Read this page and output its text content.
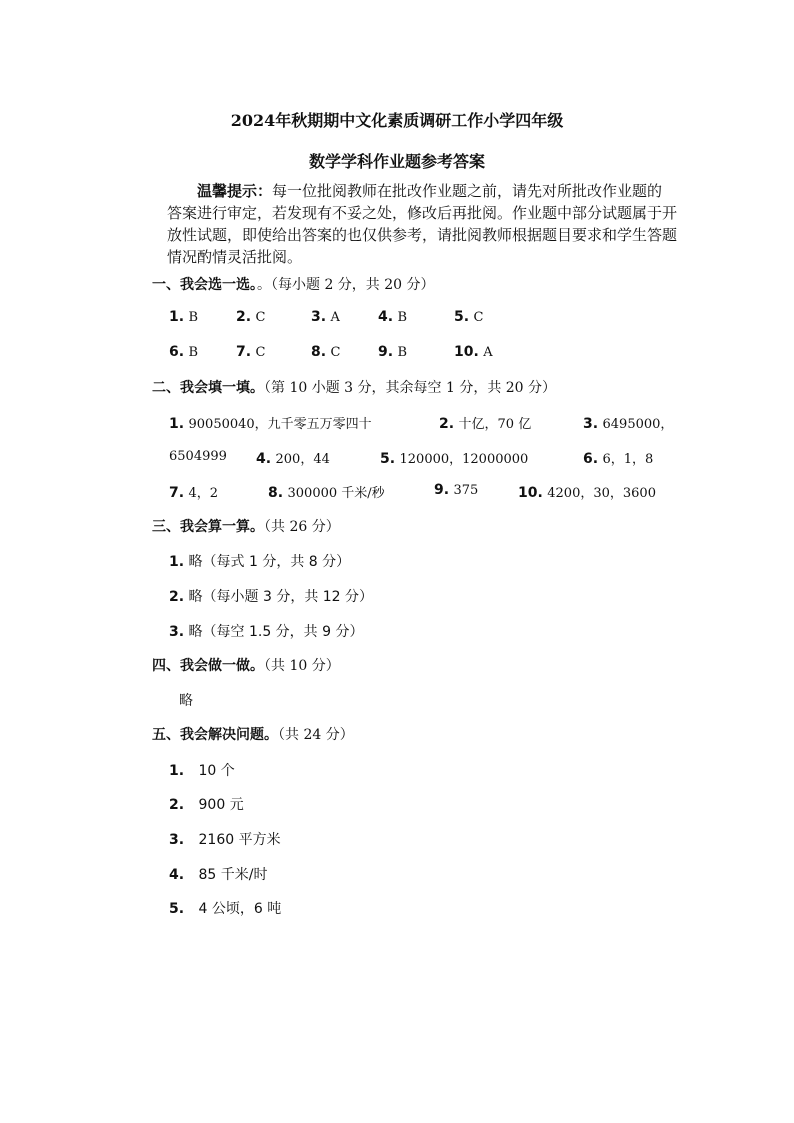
2024年秋期期中文化素质调研工作小学四年级
数学学科作业题参考答案
温馨提示：每一位批阅教师在批改作业题之前，请先对所批改作业题的答案进行审定，若发现有不妥之处，修改后再批阅。作业题中部分试题属于开放性试题，即使给出答案的也仅供参考，请批阅教师根据题目要求和学生答题情况酌情灵活批阅。
一、我会选一选。。（每小题 2 分，共 20 分）
1. B	2. C	3. A	4. B	5. C
6. B	7. C	8. C	9. B	10. A
二、我会填一填。（第 10 小题 3 分，其余每空 1 分，共 20 分）
1. 90050040，九千零五万零四十	2. 十亿，70 亿	3. 6495000，
6504999 4. 200，44	5. 120000，12000000	6. 6，1，8
7. 4，2	8. 300000 千米/秒	9. 375	10. 4200，30，3600
三、我会算一算。（共 26 分）
1. 略（每式 1 分，共 8 分）
2. 略（每小题 3 分，共 12 分）
3. 略（每空 1.5 分，共 9 分）
四、我会做一做。（共 10 分）
略
五、我会解决问题。（共 24 分）
1. 10 个
2. 900 元
3. 2160 平方米
4. 85 千米/时
5. 4 公顷，6 吨
